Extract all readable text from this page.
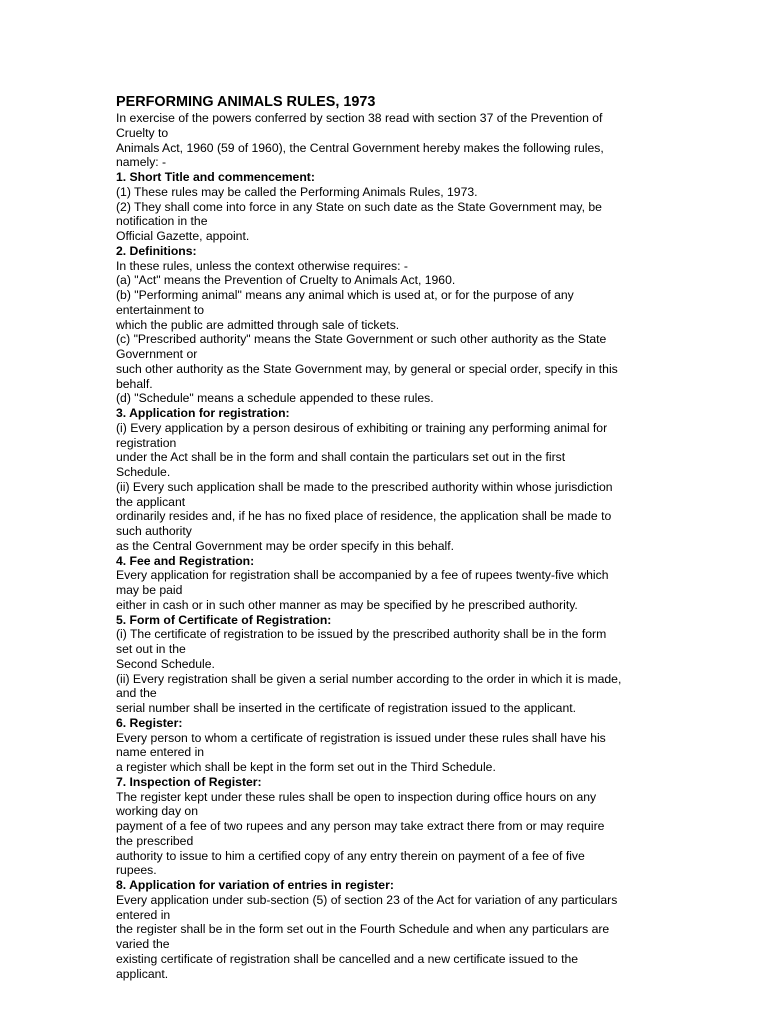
PERFORMING ANIMALS RULES, 1973
In exercise of the powers conferred by section 38 read with section 37 of the Prevention of
Cruelty to
Animals Act, 1960 (59 of 1960), the Central Government hereby makes the following rules,
namely: -
1. Short Title and commencement:
(1) These rules may be called the Performing Animals Rules, 1973.
(2) They shall come into force in any State on such date as the State Government may, be
notification in the
Official Gazette, appoint.
2. Definitions:
In these rules, unless the context otherwise requires: -
(a) "Act" means the Prevention of Cruelty to Animals Act, 1960.
(b) "Performing animal" means any animal which is used at, or for the purpose of any
entertainment to
which the public are admitted through sale of tickets.
(c) "Prescribed authority" means the State Government or such other authority as the State
Government or
such other authority as the State Government may, by general or special order, specify in this
behalf.
(d) "Schedule" means a schedule appended to these rules.
3. Application for registration:
(i) Every application by a person desirous of exhibiting or training any performing animal for
registration
under the Act shall be in the form and shall contain the particulars set out in the first
Schedule.
(ii) Every such application shall be made to the prescribed authority within whose jurisdiction
the applicant
ordinarily resides and, if he has no fixed place of residence, the application shall be made to
such authority
as the Central Government may be order specify in this behalf.
4. Fee and Registration:
Every application for registration shall be accompanied by a fee of rupees twenty-five which
may be paid
either in cash or in such other manner as may be specified by he prescribed authority.
5. Form of Certificate of Registration:
(i) The certificate of registration to be issued by the prescribed authority shall be in the form
set out in the
Second Schedule.
(ii) Every registration shall be given a serial number according to the order in which it is made,
and the
serial number shall be inserted in the certificate of registration issued to the applicant.
6. Register:
Every person to whom a certificate of registration is issued under these rules shall have his
name entered in
a register which shall be kept in the form set out in the Third Schedule.
7. Inspection of Register:
The register kept under these rules shall be open to inspection during office hours on any
working day on
payment of a fee of two rupees and any person may take extract there from or may require
the prescribed
authority to issue to him a certified copy of any entry therein on payment of a fee of five
rupees.
8. Application for variation of entries in register:
Every application under sub-section (5) of section 23 of the Act for variation of any particulars
entered in
the register shall be in the form set out in the Fourth Schedule and when any particulars are
varied the
existing certificate of registration shall be cancelled and a new certificate issued to the
applicant.
